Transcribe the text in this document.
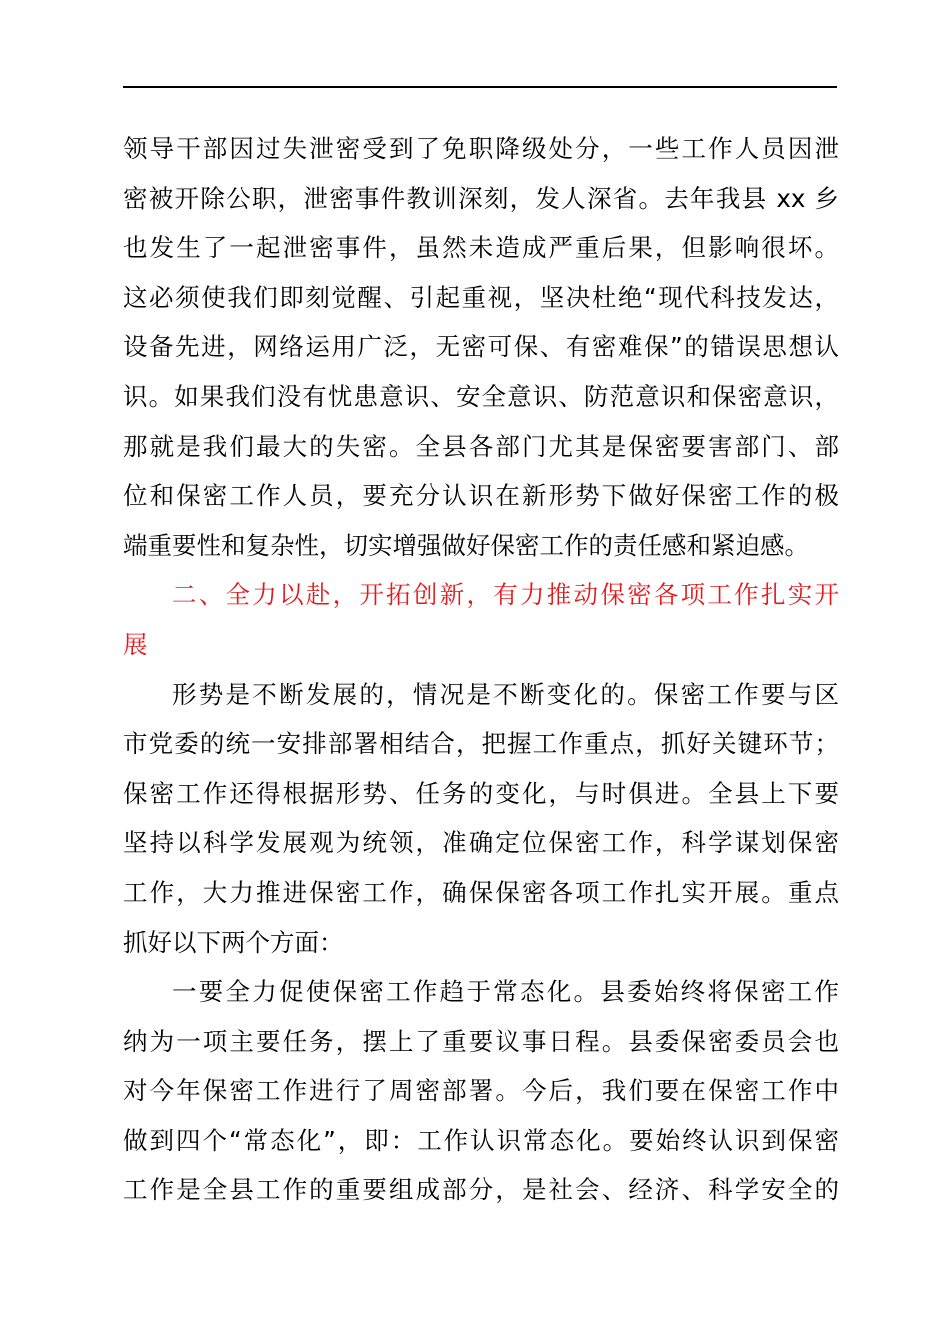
领导干部因过失泄密受到了免职降级处分，一些工作人员因泄
密被开除公职，泄密事件教训深刻，发人深省。去年我县 xx 乡
也发生了一起泄密事件，虽然未造成严重后果，但影响很坏。
这必须使我们即刻觉醒、引起重视，坚决杜绝“现代科技发达，
设备先进，网络运用广泛，无密可保、有密难保”的错误思想认
识。如果我们没有忧患意识、安全意识、防范意识和保密意识，
那就是我们最大的失密。全县各部门尤其是保密要害部门、部
位和保密工作人员，要充分认识在新形势下做好保密工作的极
端重要性和复杂性，切实增强做好保密工作的责任感和紧迫感。
二、全力以赴，开拓创新，有力推动保密各项工作扎实开
展
形势是不断发展的，情况是不断变化的。保密工作要与区
市党委的统一安排部署相结合，把握工作重点，抓好关键环节；
保密工作还得根据形势、任务的变化，与时俱进。全县上下要
坚持以科学发展观为统领，准确定位保密工作，科学谋划保密
工作，大力推进保密工作，确保保密各项工作扎实开展。重点
抓好以下两个方面：
一要全力促使保密工作趋于常态化。县委始终将保密工作
纳为一项主要任务，摆上了重要议事日程。县委保密委员会也
对今年保密工作进行了周密部署。今后，我们要在保密工作中
做到四个“常态化”，即：工作认识常态化。要始终认识到保密
工作是全县工作的重要组成部分，是社会、经济、科学安全的
